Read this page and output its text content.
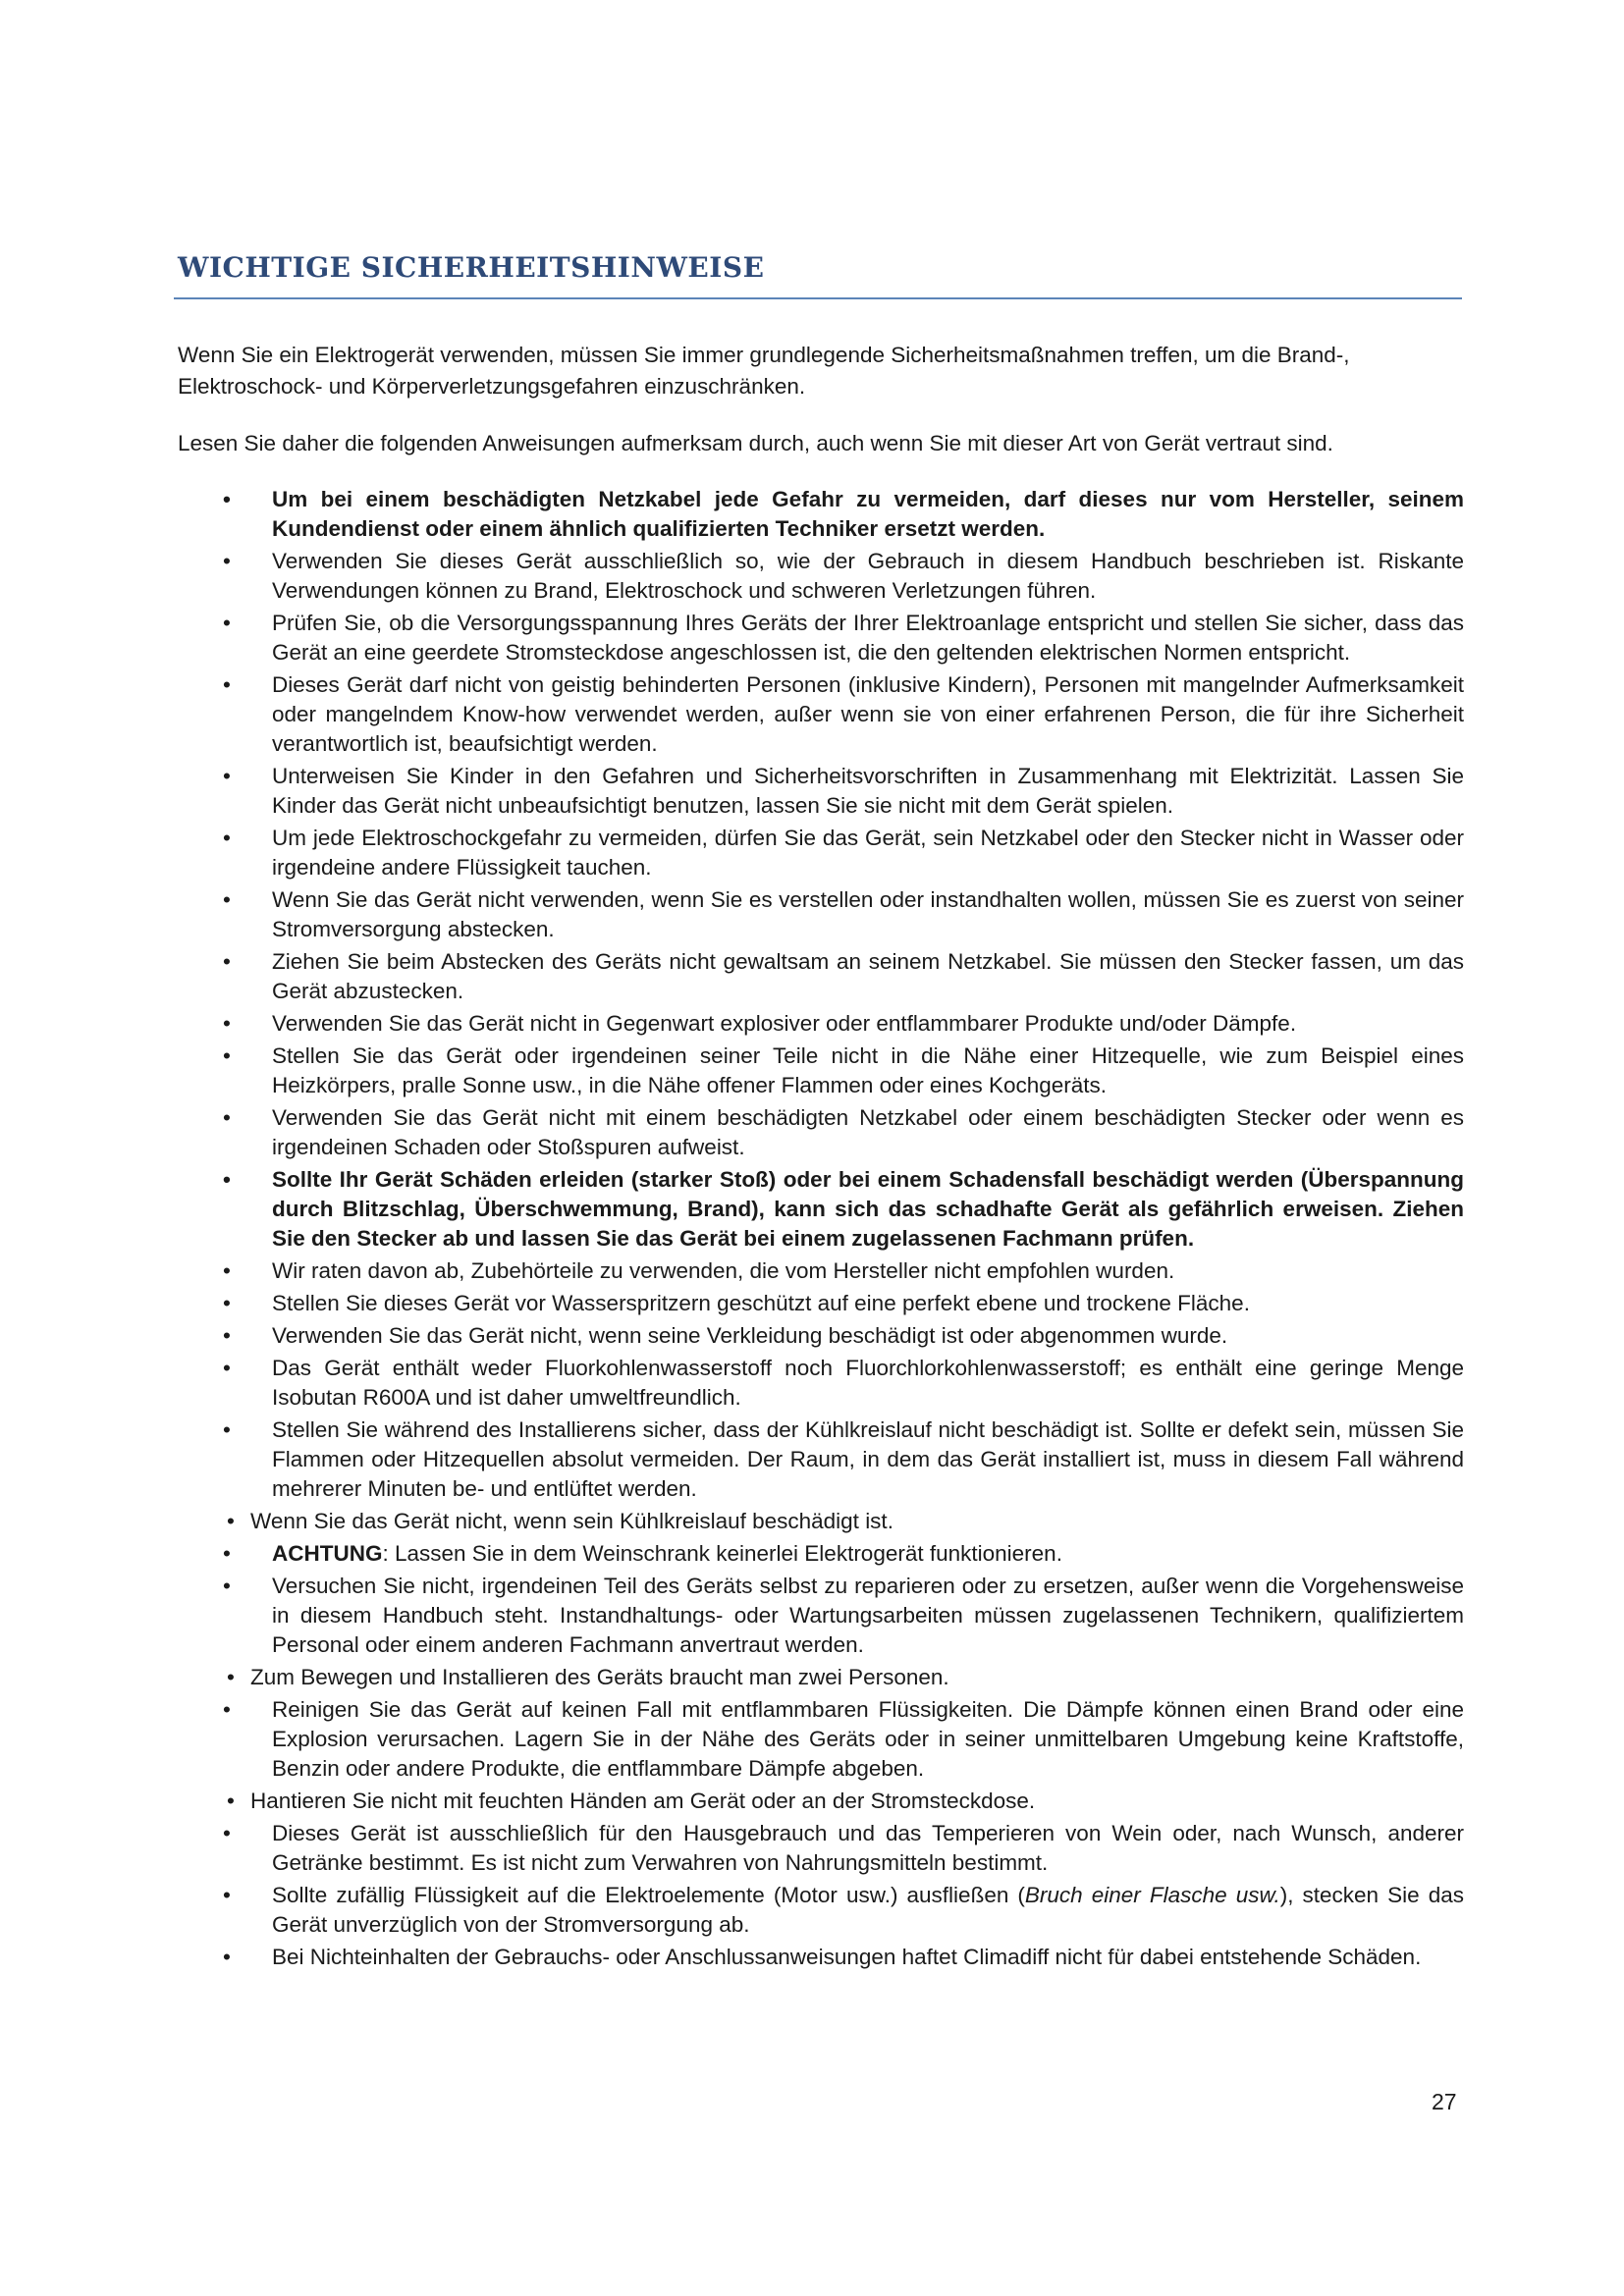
WICHTIGE SICHERHEITSHINWEISE

Wenn Sie ein Elektrogerät verwenden, müssen Sie immer grundlegende Sicherheitsmaßnahmen treffen, um die Brand-, Elektroschock- und Körperverletzungsgefahren einzuschränken.

Lesen Sie daher die folgenden Anweisungen aufmerksam durch, auch wenn Sie mit dieser Art von Gerät vertraut sind.

• Um bei einem beschädigten Netzkabel jede Gefahr zu vermeiden, darf dieses nur vom Hersteller, seinem Kundendienst oder einem ähnlich qualifizierten Techniker ersetzt werden.
• Verwenden Sie dieses Gerät ausschließlich so, wie der Gebrauch in diesem Handbuch beschrieben ist. Riskante Verwendungen können zu Brand, Elektroschock und schweren Verletzungen führen.
• Prüfen Sie, ob die Versorgungsspannung Ihres Geräts der Ihrer Elektroanlage entspricht und stellen Sie sicher, dass das Gerät an eine geerdete Stromsteckdose angeschlossen ist, die den geltenden elektrischen Normen entspricht.
• Dieses Gerät darf nicht von geistig behinderten Personen (inklusive Kindern), Personen mit mangelnder Aufmerksamkeit oder mangelndem Know-how verwendet werden, außer wenn sie von einer erfahrenen Person, die für ihre Sicherheit verantwortlich ist, beaufsichtigt werden.
• Unterweisen Sie Kinder in den Gefahren und Sicherheitsvorschriften in Zusammenhang mit Elektrizität. Lassen Sie Kinder das Gerät nicht unbeaufsichtigt benutzen, lassen Sie sie nicht mit dem Gerät spielen.
• Um jede Elektroschockgefahr zu vermeiden, dürfen Sie das Gerät, sein Netzkabel oder den Stecker nicht in Wasser oder irgendeine andere Flüssigkeit tauchen.
• Wenn Sie das Gerät nicht verwenden, wenn Sie es verstellen oder instandhalten wollen, müssen Sie es zuerst von seiner Stromversorgung abstecken.
• Ziehen Sie beim Abstecken des Geräts nicht gewaltsam an seinem Netzkabel. Sie müssen den Stecker fassen, um das Gerät abzustecken.
• Verwenden Sie das Gerät nicht in Gegenwart explosiver oder entflammbarer Produkte und/oder Dämpfe.
• Stellen Sie das Gerät oder irgendeinen seiner Teile nicht in die Nähe einer Hitzequelle, wie zum Beispiel eines Heizkörpers, pralle Sonne usw., in die Nähe offener Flammen oder eines Kochgeräts.
• Verwenden Sie das Gerät nicht mit einem beschädigten Netzkabel oder einem beschädigten Stecker oder wenn es irgendeinen Schaden oder Stoßspuren aufweist.
• Sollte Ihr Gerät Schäden erleiden (starker Stoß) oder bei einem Schadensfall beschädigt werden (Überspannung durch Blitzschlag, Überschwemmung, Brand), kann sich das schadhafte Gerät als gefährlich erweisen. Ziehen Sie den Stecker ab und lassen Sie das Gerät bei einem zugelassenen Fachmann prüfen.
• Wir raten davon ab, Zubehörteile zu verwenden, die vom Hersteller nicht empfohlen wurden.
• Stellen Sie dieses Gerät vor Wasserspritzern geschützt auf eine perfekt ebene und trockene Fläche.
• Verwenden Sie das Gerät nicht, wenn seine Verkleidung beschädigt ist oder abgenommen wurde.
• Das Gerät enthält weder Fluorkohlenwasserstoff noch Fluorchlorkohlenwasserstoff; es enthält eine geringe Menge Isobutan R600A und ist daher umweltfreundlich.
• Stellen Sie während des Installierens sicher, dass der Kühlkreislauf nicht beschädigt ist. Sollte er defekt sein, müssen Sie Flammen oder Hitzequellen absolut vermeiden. Der Raum, in dem das Gerät installiert ist, muss in diesem Fall während mehrerer Minuten be- und entlüftet werden.
• Wenn Sie das Gerät nicht, wenn sein Kühlkreislauf beschädigt ist.
• ACHTUNG: Lassen Sie in dem Weinschrank keinerlei Elektrogerät funktionieren.
• Versuchen Sie nicht, irgendeinen Teil des Geräts selbst zu reparieren oder zu ersetzen, außer wenn die Vorgehensweise in diesem Handbuch steht. Instandhaltungs- oder Wartungsarbeiten müssen zugelassenen Technikern, qualifiziertem Personal oder einem anderen Fachmann anvertraut werden.
• Zum Bewegen und Installieren des Geräts braucht man zwei Personen.
• Reinigen Sie das Gerät auf keinen Fall mit entflammbaren Flüssigkeiten. Die Dämpfe können einen Brand oder eine Explosion verursachen. Lagern Sie in der Nähe des Geräts oder in seiner unmittelbaren Umgebung keine Kraftstoffe, Benzin oder andere Produkte, die entflammbare Dämpfe abgeben.
• Hantieren Sie nicht mit feuchten Händen am Gerät oder an der Stromsteckdose.
• Dieses Gerät ist ausschließlich für den Hausgebrauch und das Temperieren von Wein oder, nach Wunsch, anderer Getränke bestimmt. Es ist nicht zum Verwahren von Nahrungsmitteln bestimmt.
• Sollte zufällig Flüssigkeit auf die Elektroelemente (Motor usw.) ausfließen (Bruch einer Flasche usw.), stecken Sie das Gerät unverzüglich von der Stromversorgung ab.
• Bei Nichteinhalten der Gebrauchs- oder Anschlussanweisungen haftet Climadiff nicht für dabei entstehende Schäden.
27
